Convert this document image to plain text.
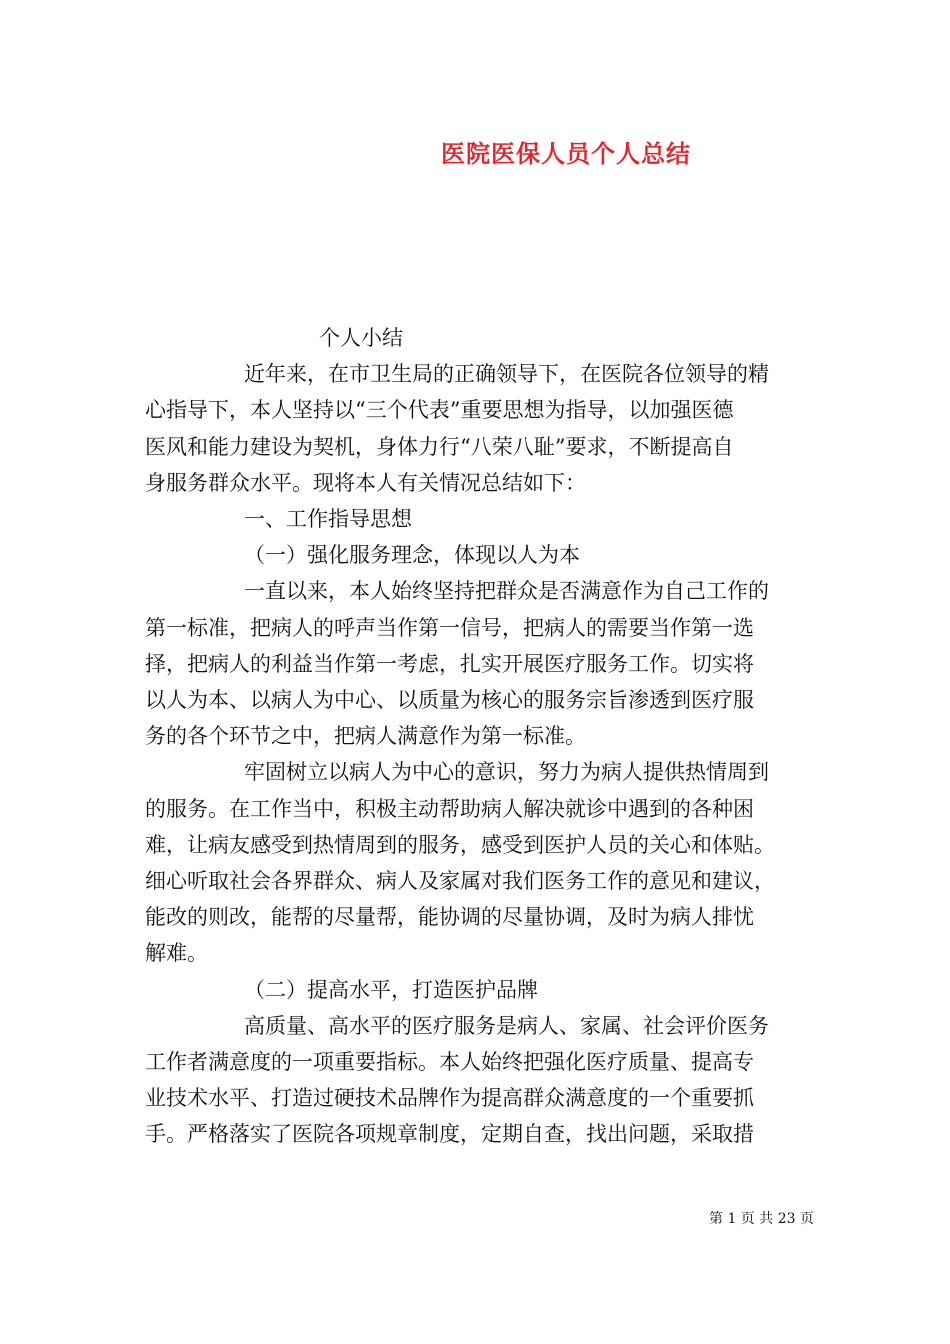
医院医保人员个人总结
个人小结
近年来，在市卫生局的正确领导下，在医院各位领导的精
心指导下，本人坚持以“三个代表”重要思想为指导，以加强医德
医风和能力建设为契机，身体力行“八荣八耻”要求，不断提高自
身服务群众水平。现将本人有关情况总结如下：
一、工作指导思想
（一）强化服务理念，体现以人为本
一直以来，本人始终坚持把群众是否满意作为自己工作的
第一标准，把病人的呼声当作第一信号，把病人的需要当作第一选
择，把病人的利益当作第一考虑，扎实开展医疗服务工作。切实将
以人为本、以病人为中心、以质量为核心的服务宗旨渗透到医疗服
务的各个环节之中，把病人满意作为第一标准。
牢固树立以病人为中心的意识，努力为病人提供热情周到
的服务。在工作当中，积极主动帮助病人解决就诊中遇到的各种困
难，让病友感受到热情周到的服务，感受到医护人员的关心和体贴。
细心听取社会各界群众、病人及家属对我们医务工作的意见和建议，
能改的则改，能帮的尽量帮，能协调的尽量协调，及时为病人排忧
解难。
（二）提高水平，打造医护品牌
高质量、高水平的医疗服务是病人、家属、社会评价医务
工作者满意度的一项重要指标。本人始终把强化医疗质量、提高专
业技术水平、打造过硬技术品牌作为提高群众满意度的一个重要抓
手。严格落实了医院各项规章制度，定期自查，找出问题，采取措
第 1 页 共 23 页
